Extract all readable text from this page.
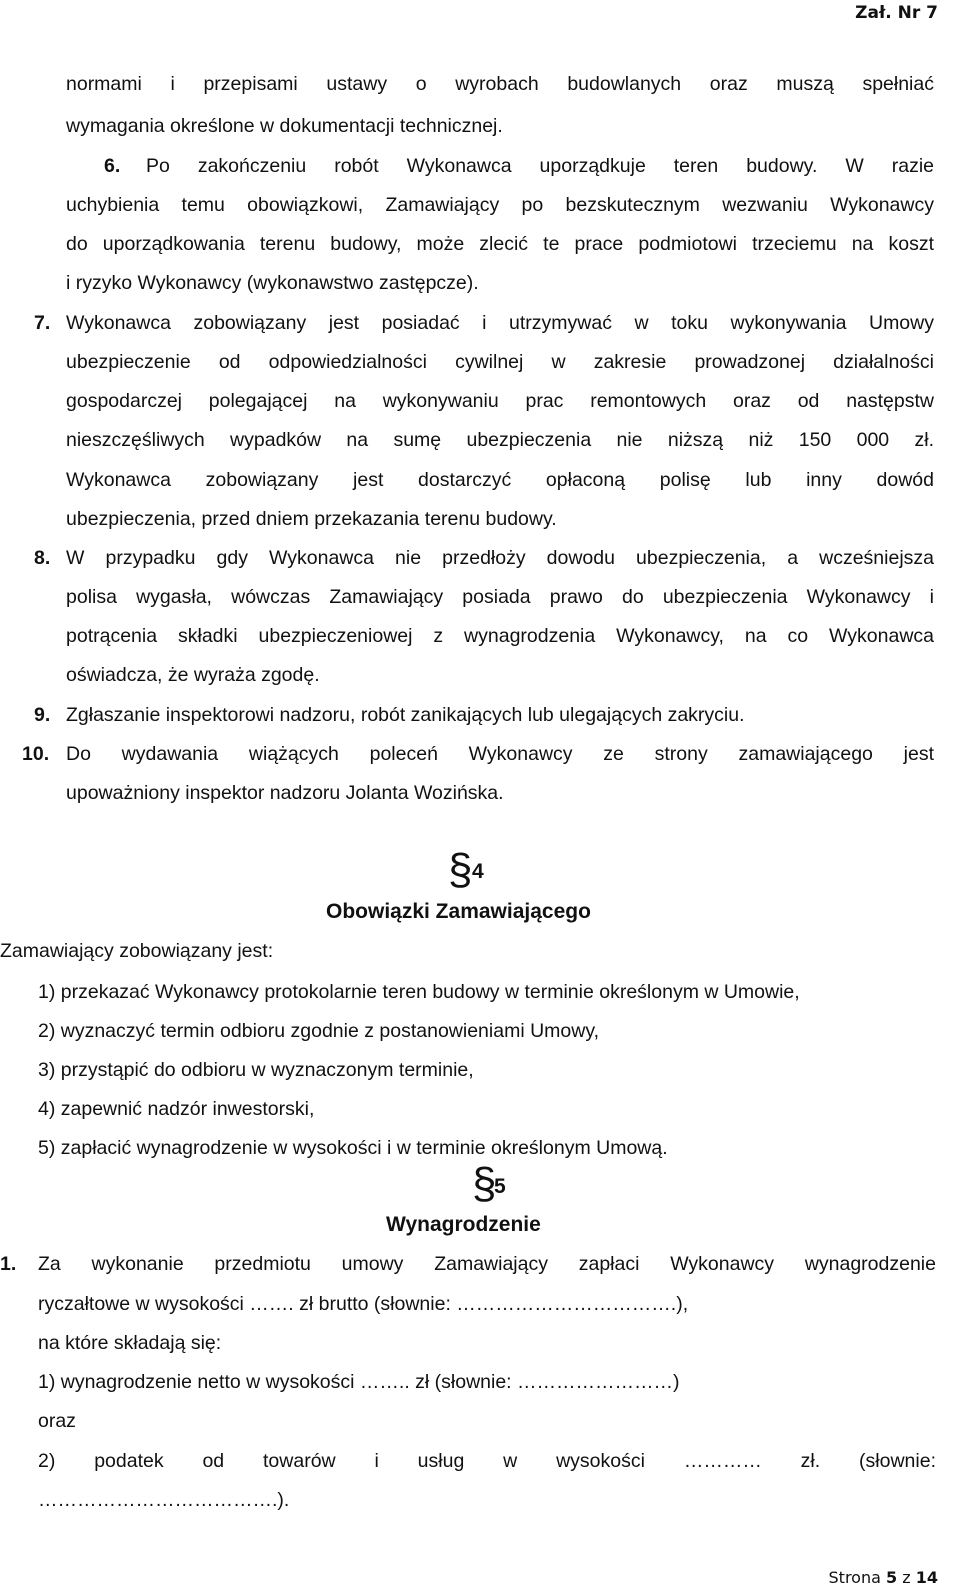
Zał. Nr 7
normami i przepisami ustawy o wyrobach budowlanych oraz muszą spełniać
wymagania określone w dokumentacji technicznej.
6. Po zakończeniu robót Wykonawca uporządkuje teren budowy. W razie
uchybienia temu obowiązkowi, Zamawiający po bezskutecznym wezwaniu Wykonawcy
do uporządkowania terenu budowy, może zlecić te prace podmiotowi trzeciemu na koszt
i ryzyko Wykonawcy (wykonawstwo zastępcze).
7. Wykonawca zobowiązany jest posiadać i utrzymywać w toku wykonywania Umowy
ubezpieczenie od odpowiedzialności cywilnej w zakresie prowadzonej działalności
gospodarczej polegającej na wykonywaniu prac remontowych oraz od następstw
nieszczęśliwych wypadków na sumę ubezpieczenia nie niższą niż 150 000 zł.
Wykonawca zobowiązany jest dostarczyć opłaconą polisę lub inny dowód
ubezpieczenia, przed dniem przekazania terenu budowy.
8. W przypadku gdy Wykonawca nie przedłoży dowodu ubezpieczenia, a wcześniejsza
polisa wygasła, wówczas Zamawiający posiada prawo do ubezpieczenia Wykonawcy i
potrącenia składki ubezpieczeniowej z wynagrodzenia Wykonawcy, na co Wykonawca
oświadcza, że wyraża zgodę.
9. Zgłaszanie inspektorowi nadzoru, robót zanikających lub ulegających zakryciu.
10. Do wydawania wiążących poleceń Wykonawcy ze strony zamawiającego jest
upoważniony inspektor nadzoru Jolanta Wozińska.
§ 4
Obowiązki Zamawiającego
Zamawiający zobowiązany jest:
1) przekazać Wykonawcy protokolarnie teren budowy w terminie określonym w Umowie,
2) wyznaczyć termin odbioru zgodnie z postanowieniami Umowy,
3) przystąpić do odbioru w wyznaczonym terminie,
4) zapewnić nadzór inwestorski,
5) zapłacić wynagrodzenie w wysokości i w terminie określonym Umową.
§
5
Wynagrodzenie
1. Za wykonanie przedmiotu umowy Zamawiający zapłaci Wykonawcy wynagrodzenie
ryczałtowe w wysokości ……. zł brutto (słownie: …………………………….),
na które składają się:
1) wynagrodzenie netto w wysokości …….. zł (słownie: ……………………)
oraz
2) podatek od towarów i usług w wysokości ………… zł. (słownie:
……………………………….).
Strona 5 z 14
